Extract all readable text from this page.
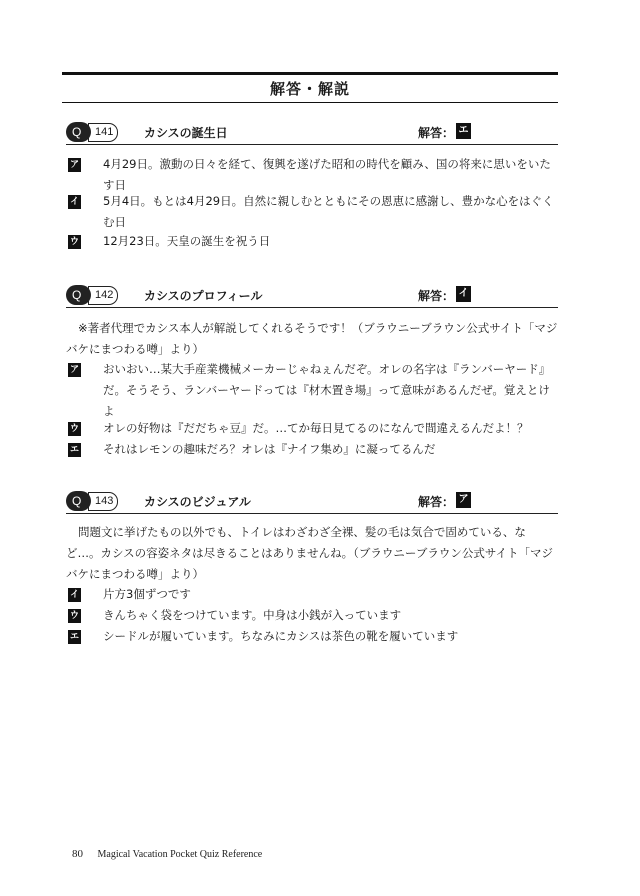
解答・解説
141
Q	カシスの誕生日	解答： エ
ア 4月29日。激動の日々を経て、復興を遂げた昭和の時代を顧み、国の将来に思いをいたす日
イ 5月4日。もとは4月29日。自然に親しむとともにその恩恵に感謝し、豊かな心をはぐくむ日
ウ 12月23日。天皇の誕生を祝う日
142
Q	カシスのプロフィール	解答： イ
※著者代理でカシス本人が解説してくれるそうです！（ブラウニーブラウン公式サイト「マジバケにまつわる噂」より）
ア おいおい…某大手産業機械メーカーじゃねぇんだぞ。オレの名字は『ランバーヤード』だ。そうそう、ランバーヤードっては『材木置き場』って意味があるんだぜ。覚えとけよ
ウ オレの好物は『だだちゃ豆』だ。…てか毎日見てるのになんで間違えるんだよ！？
エ それはレモンの趣味だろ？オレは『ナイフ集め』に凝ってるんだ
143
Q	カシスのビジュアル	解答： ア
問題文に挙げたもの以外でも、トイレはわざわざ全裸、髪の毛は気合で固めている、など…。カシスの容姿ネタは尽きることはありませんね。（ブラウニーブラウン公式サイト「マジバケにまつわる噂」より）
イ 片方3個ずつです
ウ きんちゃく袋をつけています。中身は小銭が入っています
エ シードルが履いています。ちなみにカシスは茶色の靴を履いています
80 Magical Vacation Pocket Quiz Reference
